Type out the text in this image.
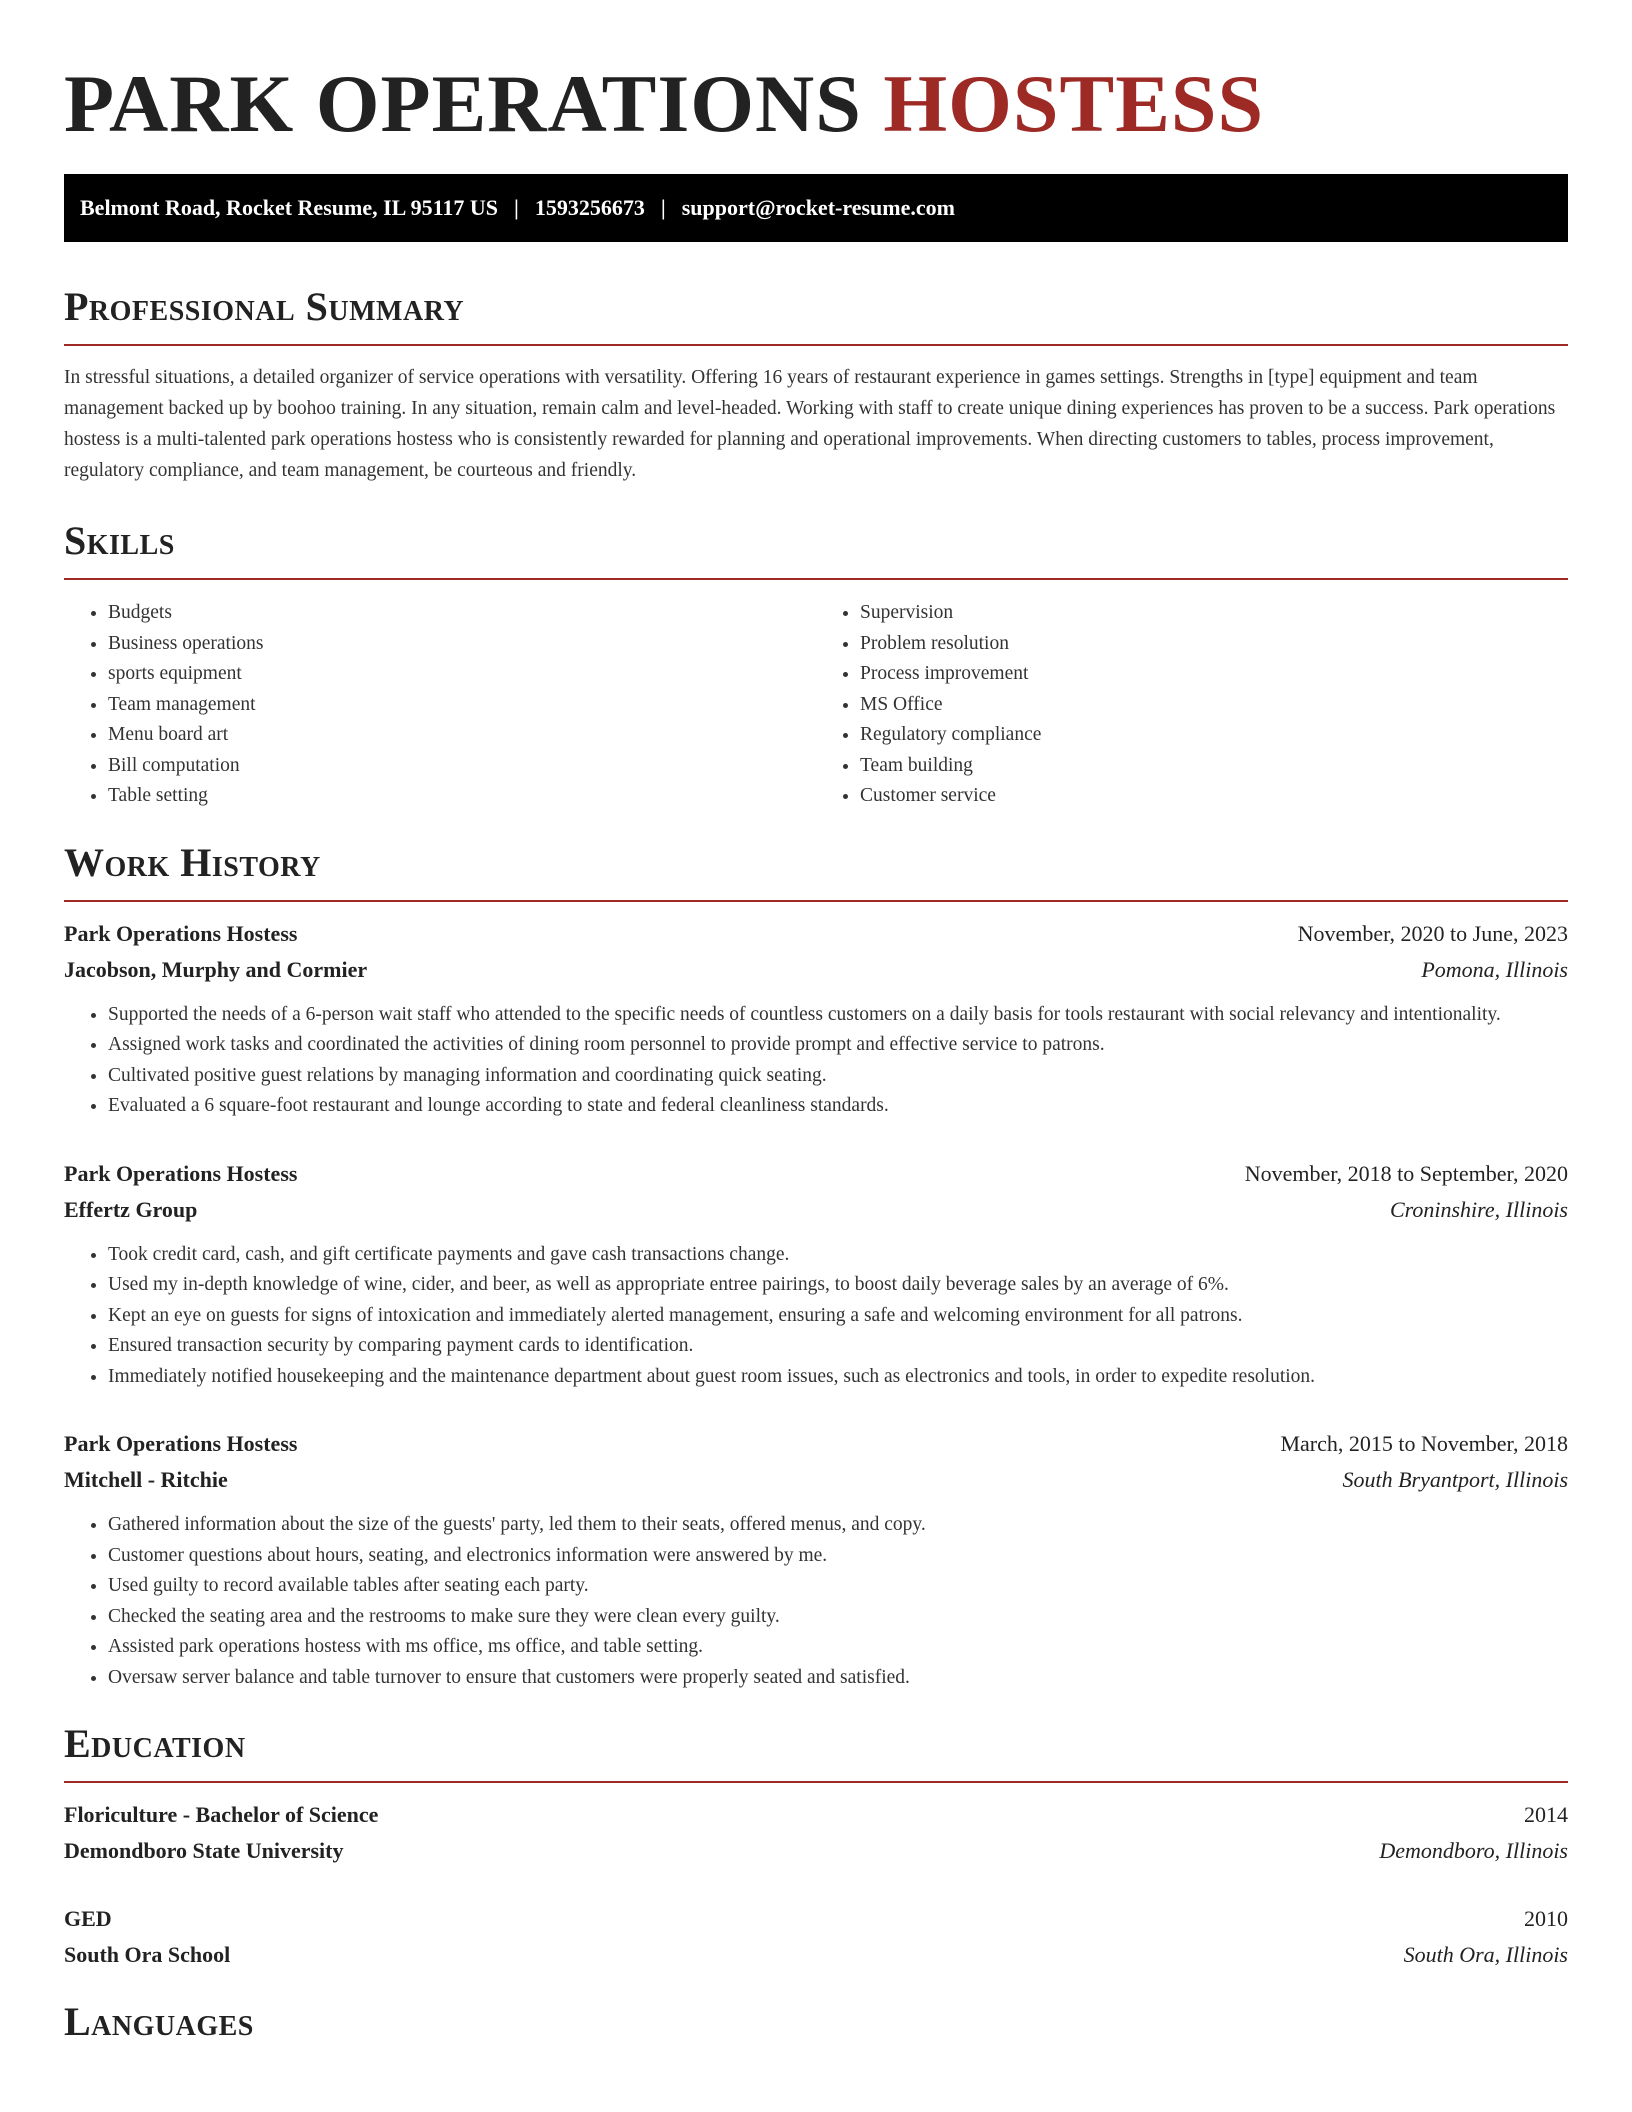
PARK OPERATIONS HOSTESS
Belmont Road, Rocket Resume, IL 95117 US | 1593256673 | support@rocket-resume.com
Professional Summary

In stressful situations, a detailed organizer of service operations with versatility. Offering 16 years of restaurant experience in games settings. Strengths in [type] equipment and team management backed up by boohoo training. In any situation, remain calm and level-headed. Working with staff to create unique dining experiences has proven to be a success. Park operations hostess is a multi-talented park operations hostess who is consistently rewarded for planning and operational improvements. When directing customers to tables, process improvement, regulatory compliance, and team management, be courteous and friendly.

Skills
• Budgets
• Business operations
• sports equipment
• Team management
• Menu board art
• Bill computation
• Table setting
• Supervision
• Problem resolution
• Process improvement
• MS Office
• Regulatory compliance
• Team building
• Customer service
Work History
Park Operations Hostess	November, 2020 to June, 2023
Jacobson, Murphy and Cormier	Pomona, Illinois
• Supported the needs of a 6-person wait staff who attended to the specific needs of countless customers on a daily basis for tools restaurant with social relevancy and intentionality.
• Assigned work tasks and coordinated the activities of dining room personnel to provide prompt and effective service to patrons.
• Cultivated positive guest relations by managing information and coordinating quick seating.
• Evaluated a 6 square-foot restaurant and lounge according to state and federal cleanliness standards.
Park Operations Hostess	November, 2018 to September, 2020
Effertz Group	Croninshire, Illinois
• Took credit card, cash, and gift certificate payments and gave cash transactions change.
• Used my in-depth knowledge of wine, cider, and beer, as well as appropriate entree pairings, to boost daily beverage sales by an average of 6%.
• Kept an eye on guests for signs of intoxication and immediately alerted management, ensuring a safe and welcoming environment for all patrons.
• Ensured transaction security by comparing payment cards to identification.
• Immediately notified housekeeping and the maintenance department about guest room issues, such as electronics and tools, in order to expedite resolution.
Park Operations Hostess	March, 2015 to November, 2018
Mitchell - Ritchie	South Bryantport, Illinois
• Gathered information about the size of the guests' party, led them to their seats, offered menus, and copy.
• Customer questions about hours, seating, and electronics information were answered by me.
• Used guilty to record available tables after seating each party.
• Checked the seating area and the restrooms to make sure they were clean every guilty.
• Assisted park operations hostess with ms office, ms office, and table setting.
• Oversaw server balance and table turnover to ensure that customers were properly seated and satisfied.
Education
Floriculture - Bachelor of Science	2014
Demondboro State University	Demondboro, Illinois
GED	2010
South Ora School	South Ora, Illinois
Languages
